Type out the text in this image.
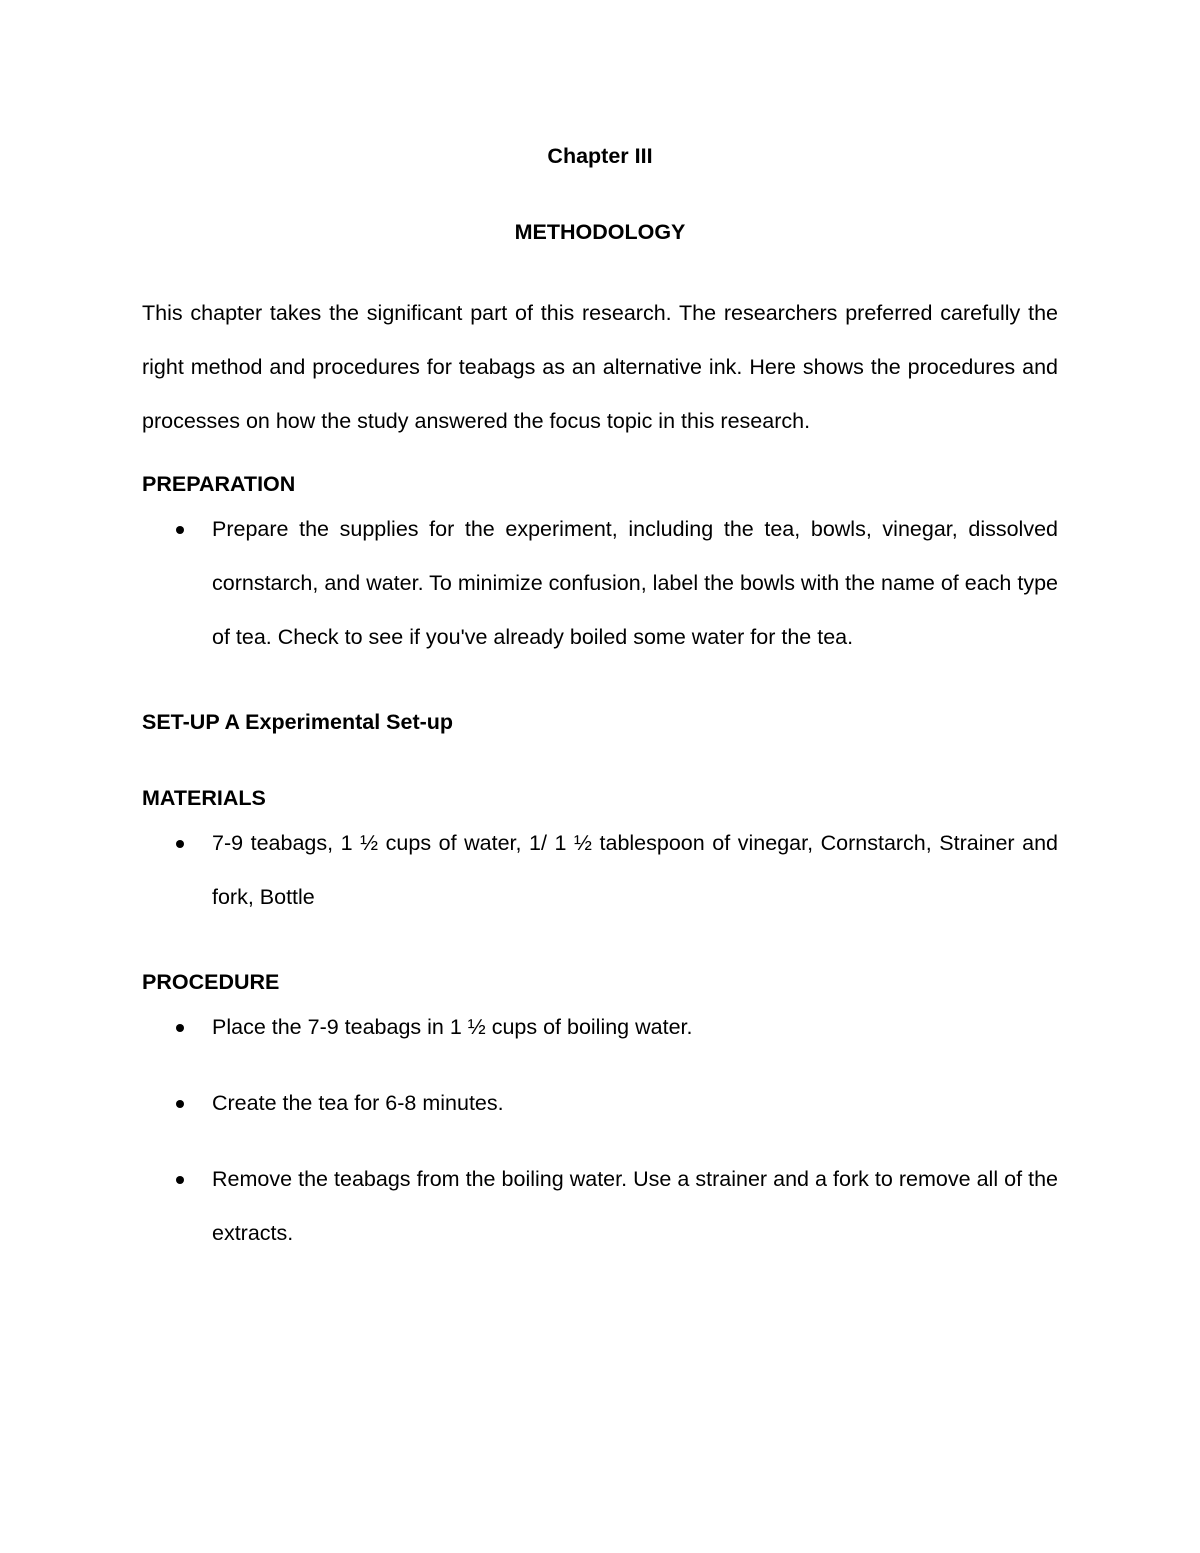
Chapter III

METHODOLOGY

This chapter takes the significant part of this research. The researchers preferred carefully the right method and procedures for teabags as an alternative ink. Here shows the procedures and processes on how the study answered the focus topic in this research.

PREPARATION

Prepare the supplies for the experiment, including the tea, bowls, vinegar, dissolved cornstarch, and water. To minimize confusion, label the bowls with the name of each type of tea. Check to see if you've already boiled some water for the tea.

SET-UP A Experimental Set-up

MATERIALS

7-9 teabags, 1 ½ cups of water, 1/ 1 ½ tablespoon of vinegar, Cornstarch, Strainer and fork, Bottle

PROCEDURE

Place the 7-9 teabags in 1 ½ cups of boiling water.
Create the tea for 6-8 minutes.
Remove the teabags from the boiling water. Use a strainer and a fork to remove all of the extracts.
